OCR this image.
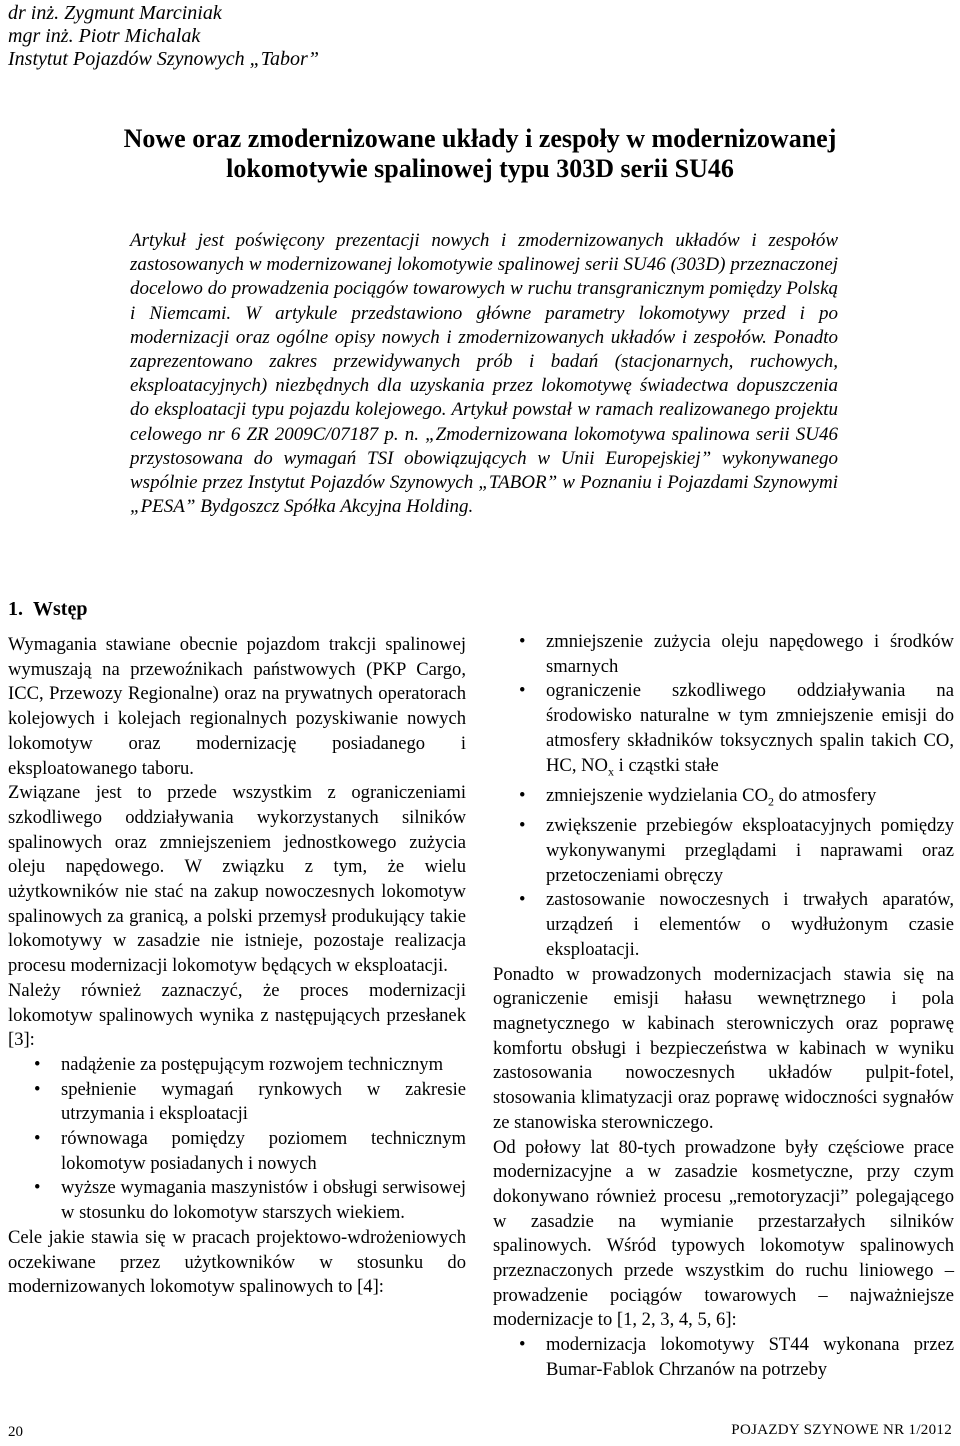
dr inż. Zygmunt Marciniak
mgr inż. Piotr Michalak
Instytut Pojazdów Szynowych „Tabor”
Nowe oraz zmodernizowane układy i zespoły w modernizowanej
lokomotywie spalinowej typu 303D serii SU46
Artykuł jest poświęcony prezentacji nowych i zmodernizowanych układów i zespołów zastosowanych w modernizowanej lokomotywie spalinowej serii SU46 (303D) przeznaczonej docelowo do prowadzenia pociągów towarowych w ruchu transgranicznym pomiędzy Polską i Niemcami. W artykule przedstawiono główne parametry lokomotywy przed i po modernizacji oraz ogólne opisy nowych i zmodernizowanych układów i zespołów. Ponadto zaprezentowano zakres przewidywanych prób i badań (stacjonarnych, ruchowych, eksploatacyjnych) niezbędnych dla uzyskania przez lokomotywę świadectwa dopuszczenia do eksploatacji typu pojazdu kolejowego. Artykuł powstał w ramach realizowanego projektu celowego nr 6 ZR 2009C/07187 p. n. „Zmodernizowana lokomotywa spalinowa serii SU46 przystosowana do wymagań TSI obowiązujących w Unii Europejskiej” wykonywanego wspólnie przez Instytut Pojazdów Szynowych „TABOR” w Poznaniu i Pojazdami Szynowymi „PESA” Bydgoszcz Spółka Akcyjna Holding.
1. Wstęp

Wymagania stawiane obecnie pojazdom trakcji spalinowej wymuszają na przewoźnikach państwowych (PKP Cargo, ICC, Przewozy Regionalne) oraz na prywatnych operatorach kolejowych i kolejach regionalnych pozyskiwanie nowych lokomotyw oraz modernizację posiadanego i eksploatowanego taboru.

Związane jest to przede wszystkim z ograniczeniami szkodliwego oddziaływania wykorzystanych silników spalinowych oraz zmniejszeniem jednostkowego zużycia oleju napędowego. W związku z tym, że wielu użytkowników nie stać na zakup nowoczesnych lokomotyw spalinowych za granicą, a polski przemysł produkujący takie lokomotywy w zasadzie nie istnieje, pozostaje realizacja procesu modernizacji lokomotyw będących w eksploatacji.

Należy również zaznaczyć, że proces modernizacji lokomotyw spalinowych wynika z następujących przesłanek [3]:

• nadążenie za postępującym rozwojem technicznym
• spełnienie wymagań rynkowych w zakresie utrzymania i eksploatacji
• równowaga pomiędzy poziomem technicznym lokomotyw posiadanych i nowych
• wyższe wymagania maszynistów i obsługi serwisowej w stosunku do lokomotyw starszych wiekiem.

Cele jakie stawia się w pracach projektowo-wdrożeniowych oczekiwane przez użytkowników w stosunku do modernizowanych lokomotyw spalinowych to [4]:

• zmniejszenie zużycia oleju napędowego i środków smarnych
• ograniczenie szkodliwego oddziaływania na środowisko naturalne w tym zmniejszenie emisji do atmosfery składników toksycznych spalin takich CO, HC, $NO_x$ i cząstki stałe
• zmniejszenie wydzielania $CO_2$ do atmosfery
• zwiększenie przebiegów eksploatacyjnych pomiędzy wykonywanymi przeglądami i naprawami oraz przetoczeniami obręczy
• zastosowanie nowoczesnych i trwałych aparatów, urządzeń i elementów o wydłużonym czasie eksploatacji.

Ponadto w prowadzonych modernizacjach stawia się na ograniczenie emisji hałasu wewnętrznego i pola magnetycznego w kabinach sterowniczych oraz poprawę komfortu obsługi i bezpieczeństwa w kabinach w wyniku zastosowania nowoczesnych układów pulpit-fotel, stosowania klimatyzacji oraz poprawę widoczności sygnałów ze stanowiska sterowniczego.

Od połowy lat 80-tych prowadzone były częściowe prace modernizacyjne a w zasadzie kosmetyczne, przy czym dokonywano również procesu „remotoryzacji” polegającego w zasadzie na wymianie przestarzałych silników spalinowych. Wśród typowych lokomotyw spalinowych przeznaczonych przede wszystkim do ruchu liniowego – prowadzenie pociągów towarowych – najważniejsze modernizacje to [1, 2, 3, 4, 5, 6]:

• modernizacja lokomotywy ST44 wykonana przez Bumar-Fablok Chrzanów na potrzeby
20	POJAZDY SZYNOWE NR 1/2012
